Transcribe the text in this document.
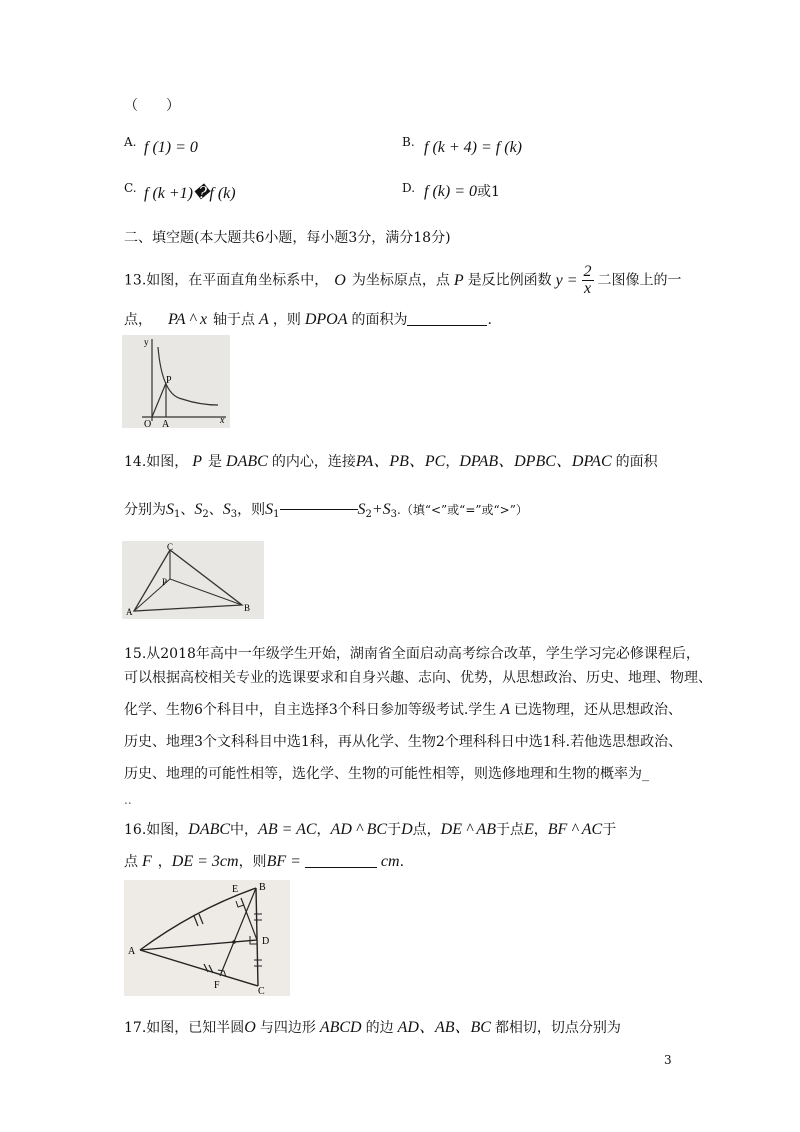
（　　）
A. f (1) = 0	B. f (k + 4) = f (k)
C. f (k +1)�f (k)	D. f (k) = 0或1
二、填空题(本大题共6小题，每小题3分，满分18分)
13.如图，在平面直角坐标系中， O 为坐标原点，点 P 是反比例函数 $y = \frac{2}{x}$ 二图像上的一
点， PA ^ x 轴于点 A ，则 DPOA 的面积为	.
y
P
O A	x
14.如图， P 是 DABC 的内心，连接PA、PB、PC，DPAB、DPBC、DPAC 的面积
分别为$S_1$、$S_2$、$S_3$，则$S_1$	$S_2+S_3$.（填“<”或“=”或“>”）
C
P
A	B
15.从2018年高中一年级学生开始，湖南省全面启动高考综合改革，学生学习完必修课程后，
可以根据高校相关专业的选课要求和自身兴趣、志向、优势，从思想政治、历史、地理、物理、
化学、生物6个科目中，自主选择3个科日参加等级考试.学生 A 已选物理，还从思想政治、
历史、地理3个文科科目中选1科，再从化学、生物2个理科科日中选1科.若他选思想政治、
历史、地理的可能性相等，选化学、生物的可能性相等，则选修地理和生物的概率为_
..
16.如图，DABC中，AB = AC，AD ^ BC于D点，DE ^ AB于点E，BF ^ AC于
点 F ，DE = 3cm，则BF =	cm.
E B
A
D
F
C
17.如图，已知半圆O 与四边形 ABCD 的边 AD、AB、BC 都相切，切点分别为
3
